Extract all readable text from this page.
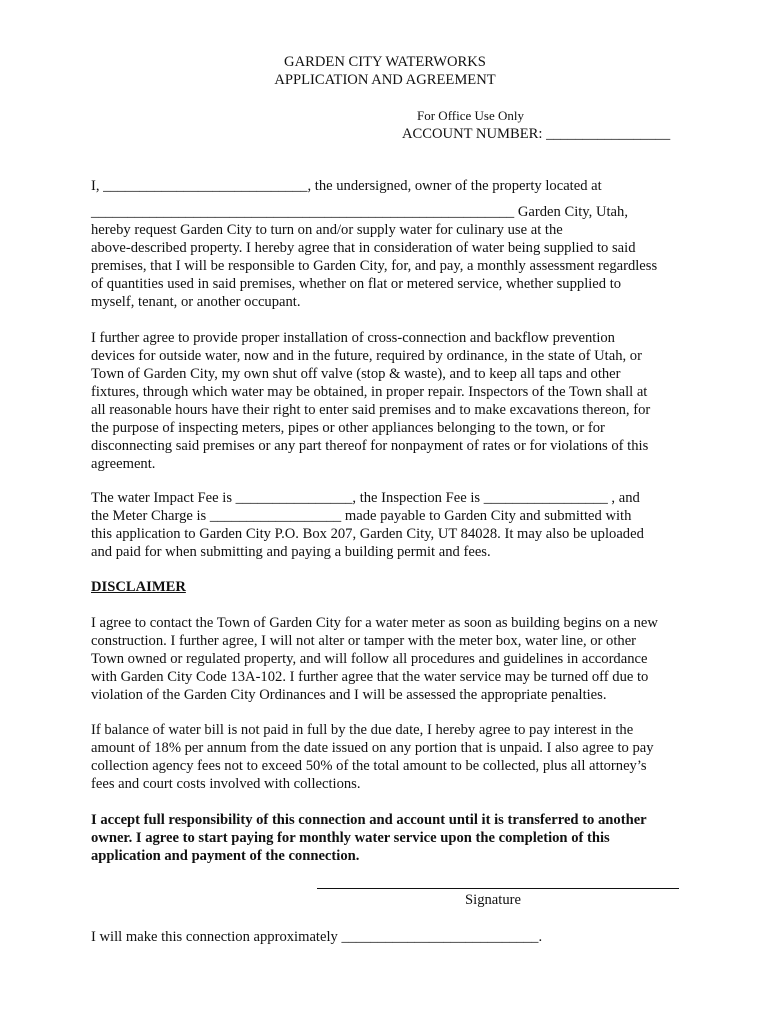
GARDEN CITY WATERWORKS
APPLICATION AND AGREEMENT
For Office Use Only
ACCOUNT NUMBER: _________________
I, ____________________________, the undersigned, owner of the property located at
__________________________________________________________ Garden City, Utah,
hereby request Garden City to turn on and/or supply water for culinary use at the
above-described property. I hereby agree that in consideration of water being supplied to said
premises, that I will be responsible to Garden City, for, and pay, a monthly assessment regardless
of quantities used in said premises, whether on flat or metered service, whether supplied to
myself, tenant, or another occupant.
I further agree to provide proper installation of cross-connection and backflow prevention
devices for outside water, now and in the future, required by ordinance, in the state of Utah, or
Town of Garden City, my own shut off valve (stop & waste), and to keep all taps and other
fixtures, through which water may be obtained, in proper repair. Inspectors of the Town shall at
all reasonable hours have their right to enter said premises and to make excavations thereon, for
the purpose of inspecting meters, pipes or other appliances belonging to the town, or for
disconnecting said premises or any part thereof for nonpayment of rates or for violations of this
agreement.
The water Impact Fee is ________________, the Inspection Fee is _________________ , and
the Meter Charge is __________________ made payable to Garden City and submitted with
this application to Garden City P.O. Box 207, Garden City, UT 84028. It may also be uploaded
and paid for when submitting and paying a building permit and fees.
DISCLAIMER
I agree to contact the Town of Garden City for a water meter as soon as building begins on a new
construction. I further agree, I will not alter or tamper with the meter box, water line, or other
Town owned or regulated property, and will follow all procedures and guidelines in accordance
with Garden City Code 13A-102. I further agree that the water service may be turned off due to
violation of the Garden City Ordinances and I will be assessed the appropriate penalties.
If balance of water bill is not paid in full by the due date, I hereby agree to pay interest in the
amount of 18% per annum from the date issued on any portion that is unpaid. I also agree to pay
collection agency fees not to exceed 50% of the total amount to be collected, plus all attorney’s
fees and court costs involved with collections.
I accept full responsibility of this connection and account until it is transferred to another
owner. I agree to start paying for monthly water service upon the completion of this
application and payment of the connection.
Signature
I will make this connection approximately ___________________________.
